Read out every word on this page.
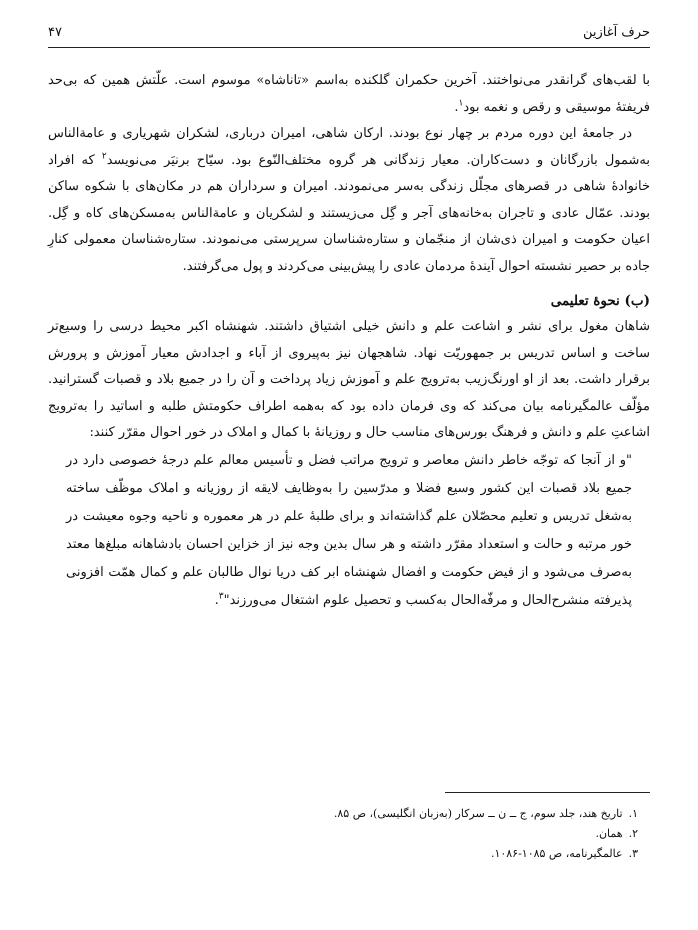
حرف آغازین
۴۷

با لقب‌های گرانقدر می‌نواختند. آخرین حکمران گلکنده به‌اسم «تاناشاه» موسوم است. علّتش همین که بی‌حد فریفتۀ موسیقی و رقص و نغمه بود$^۱$.

در جامعۀ این دوره مردم بر چهار نوع بودند. ارکان شاهی، امیران درباری، لشکران شهریاری و عامةالناس به‌شمول بازرگانان و دست‌کاران. معیار زندگانی هر گروه مختلف‌النّوع بود. سیّاح برنیَر می‌نویسد$^۲$ که افراد خانوادۀ شاهی در قصرهای مجلّل زندگی به‌سر می‌نمودند. امیران و سرداران هم در مکان‌های با شکوه ساکن بودند. عمّال عادی و تاجران به‌خانه‌های آجر و گِل می‌زیستند و لشکریان و عامةالناس به‌مسکن‌های کاه و گِل. اعیان حکومت و امیران ذی‌شان از منجّمان و ستاره‌شناسان سرپرستی می‌نمودند. ستاره‌شناسان معمولی کنارِ جاده بر حصیر نشسته احوال آیندۀ مردمان عادی را پیش‌بینی می‌کردند و پول می‌گرفتند.

(ب) نحوۀ تعلیمی

شاهان مغول برای نشر و اشاعت علم و دانش خیلی اشتیاق داشتند. شهنشاه اکبر محیط درسی را وسیع‌تر ساخت و اساس تدریس بر جمهوریّت نهاد. شاهجهان نیز به‌پیروی از آباء و اجدادش معیار آموزش و پرورش برقرار داشت. بعد از او اورنگ‌زیب به‌ترویج علم و آموزش زیاد پرداخت و آن را در جمیع بلاد و قصبات گسترانید. مؤلّف عالمگیرنامه بیان می‌کند که وی فرمان داده بود که به‌همه اطراف حکومتش طلبه و اساتید را به‌ترویج اشاعتِ علم و دانش و فرهنگ بورس‌های مناسب حال و روزیانۀ با کمال و املاک در خور احوال مقرّر کنند:

"و از آنجا که توجّه خاطر دانش معاصر و ترویج مراتب فضل و تأسیس معالم علم درجۀ خصوصی دارد در جمیع بلاد قصبات این کشور وسیع فضلا و مدرّسین را به‌وظایف لایقه از روزیانه و املاک موظّف ساخته به‌شغل تدریس و تعلیم محصّلان علم گذاشته‌اند و برای طلبۀ علم در هر معموره و ناحیه وجوه معیشت در خور مرتبه و حالت و استعداد مقرّر داشته و هر سال بدین وجه نیز از خزاین احسان بادشاهانه مبلغ‌ها معتد به‌صرف می‌شود و از فیض حکومت و افضال شهنشاه ابر کف دریا نوال طالبان علم و کمال همّت افزونی پذیرفته منشرح‌الحال و مرفّه‌الحال به‌کسب و تحصیل علوم اشتغال می‌ورزند"$^۳$.
۱.تاریخ هند، جلد سوم، ج ــ ن ــ سرکار (به‌زبان انگلیسی)، ص ۸۵.
۲.همان.
۳.عالمگیرنامه، ص ۱۰۸۵-۱۰۸۶.
